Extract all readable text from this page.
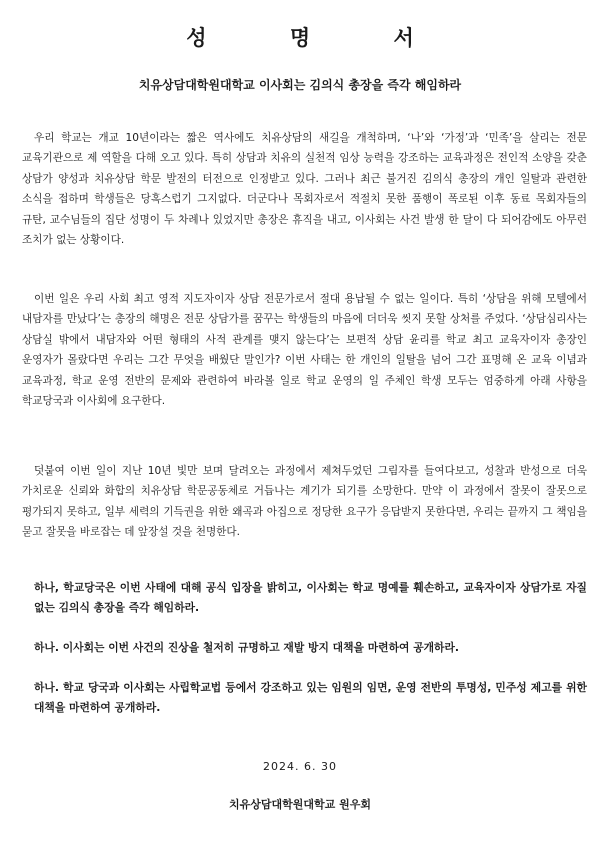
성 명 서
치유상담대학원대학교 이사회는 김의식 총장을 즉각 해임하라

우리 학교는 개교 10년이라는 짧은 역사에도 치유상담의 새길을 개척하며, ‘나’와 ‘가정’과 ‘민족’을 살리는 전문 교육기관으로 제 역할을 다해 오고 있다. 특히 상담과 치유의 실천적 임상 능력을 강조하는 교육과정은 전인적 소양을 갖춘 상담가 양성과 치유상담 학문 발전의 터전으로 인정받고 있다. 그러나 최근 불거진 김의식 총장의 개인 일탈과 관련한 소식을 접하며 학생들은 당혹스럽기 그지없다. 더군다나 목회자로서 적절치 못한 품행이 폭로된 이후 동료 목회자들의 규탄, 교수님들의 집단 성명이 두 차례나 있었지만 총장은 휴직을 내고, 이사회는 사건 발생 한 달이 다 되어감에도 아무런 조치가 없는 상황이다.

이번 일은 우리 사회 최고 영적 지도자이자 상담 전문가로서 절대 용납될 수 없는 일이다. 특히 ‘상담을 위해 모텔에서 내담자를 만났다’는 총장의 해명은 전문 상담가를 꿈꾸는 학생들의 마음에 더더욱 씻지 못할 상처를 주었다. ‘상담심리사는 상담실 밖에서 내담자와 어떤 형태의 사적 관계를 맺지 않는다’는 보편적 상담 윤리를 학교 최고 교육자이자 총장인 운영자가 몰랐다면 우리는 그간 무엇을 배웠단 말인가? 이번 사태는 한 개인의 일탈을 넘어 그간 표명해 온 교육 이념과 교육과정, 학교 운영 전반의 문제와 관련하여 바라볼 일로 학교 운영의 일 주체인 학생 모두는 엄중하게 아래 사항을 학교당국과 이사회에 요구한다.

덧붙여 이번 일이 지난 10년 빛만 보며 달려오는 과정에서 제쳐두었던 그림자를 들여다보고, 성찰과 반성으로 더욱 가치로운 신뢰와 화합의 치유상담 학문공동체로 거듭나는 계기가 되기를 소망한다. 만약 이 과정에서 잘못이 잘못으로 평가되지 못하고, 일부 세력의 기득권을 위한 왜곡과 아집으로 정당한 요구가 응답받지 못한다면, 우리는 끝까지 그 책임을 묻고 잘못을 바로잡는 데 앞장설 것을 천명한다.

하나, 학교당국은 이번 사태에 대해 공식 입장을 밝히고, 이사회는 학교 명예를 훼손하고, 교육자이자 상담가로 자질 없는 김의식 총장을 즉각 해임하라.

하나. 이사회는 이번 사건의 진상을 철저히 규명하고 재발 방지 대책을 마련하여 공개하라.

하나. 학교 당국과 이사회는 사립학교법 등에서 강조하고 있는 임원의 임면, 운영 전반의 투명성, 민주성 제고를 위한 대책을 마련하여 공개하라.

2024. 6. 30
치유상담대학원대학교 원우회
